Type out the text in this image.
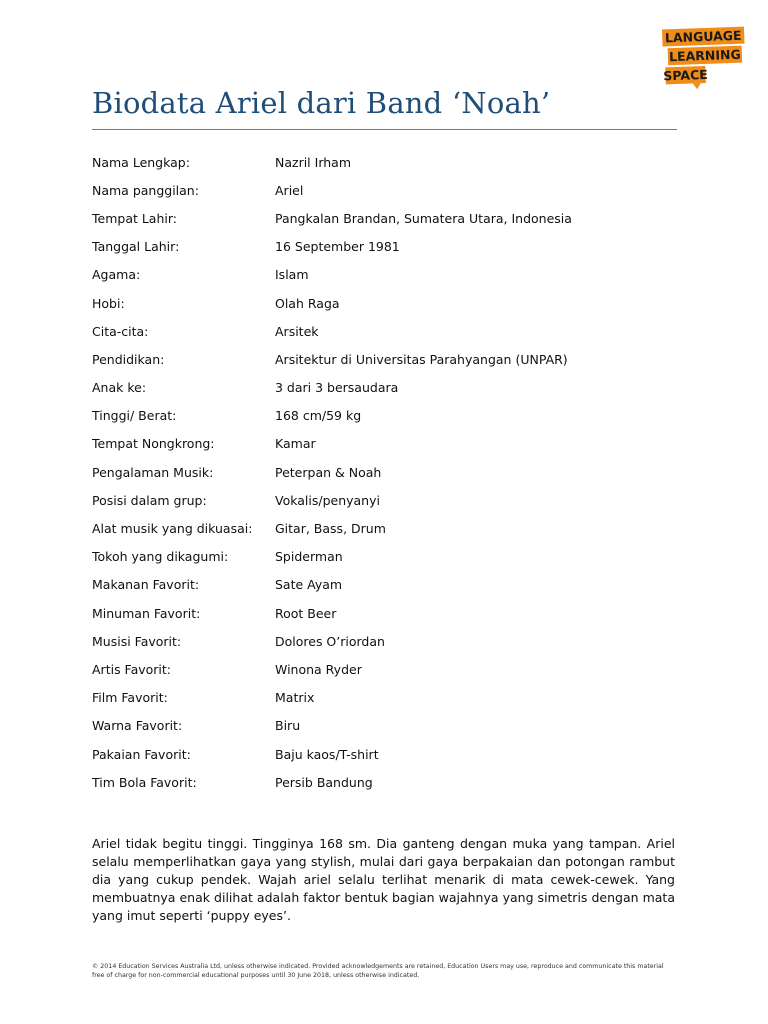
LANGUAGE
LEARNING
SPACE
Biodata Ariel dari Band ‘Noah’
Nama Lengkap:	Nazril Irham
Nama panggilan:	Ariel
Tempat Lahir:	Pangkalan Brandan, Sumatera Utara, Indonesia
Tanggal Lahir:	16 September 1981
Agama:	Islam
Hobi:	Olah Raga
Cita-cita:	Arsitek
Pendidikan:	Arsitektur di Universitas Parahyangan (UNPAR)
Anak ke:	3 dari 3 bersaudara
Tinggi/ Berat:	168 cm/59 kg
Tempat Nongkrong:	Kamar
Pengalaman Musik:	Peterpan & Noah
Posisi dalam grup:	Vokalis/penyanyi
Alat musik yang dikuasai:	Gitar, Bass, Drum
Tokoh yang dikagumi:	Spiderman
Makanan Favorit:	Sate Ayam
Minuman Favorit:	Root Beer
Musisi Favorit:	Dolores O’riordan
Artis Favorit:	Winona Ryder
Film Favorit:	Matrix
Warna Favorit:	Biru
Pakaian Favorit:	Baju kaos/T-shirt
Tim Bola Favorit:	Persib Bandung

Ariel tidak begitu tinggi. Tingginya 168 sm. Dia ganteng dengan muka yang tampan. Ariel selalu memperlihatkan gaya yang stylish, mulai dari gaya berpakaian dan potongan rambut dia yang cukup pendek. Wajah ariel selalu terlihat menarik di mata cewek-cewek. Yang membuatnya enak dilihat adalah faktor bentuk bagian wajahnya yang simetris dengan mata yang imut seperti ‘puppy eyes’.

© 2014 Education Services Australia Ltd, unless otherwise indicated. Provided acknowledgements are retained, Education Users may use, reproduce and communicate this material free of charge for non-commercial educational purposes until 30 June 2018, unless otherwise indicated.
